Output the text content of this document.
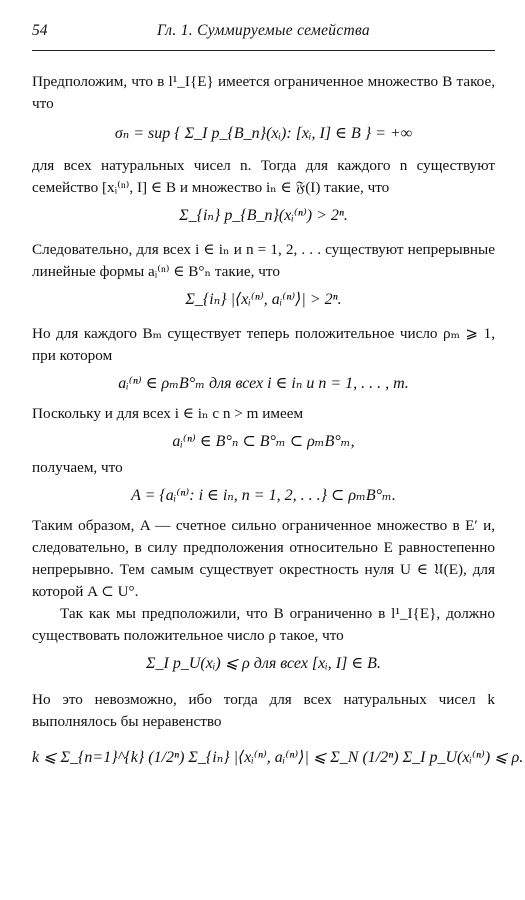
54	Гл. 1. Суммируемые семейства
Предположим, что в l¹_I{E} имеется ограниченное множество B такое, что
σₙ = sup { Σ_I p_{B_n}(xᵢ): [xᵢ, I] ∈ B } = +∞
для всех натуральных чисел n. Тогда для каждого n существуют семейство [xᵢ⁽ⁿ⁾, I] ∈ B и множество iₙ ∈ 𝔉(I) такие, что
Σ_{iₙ} p_{B_n}(xᵢ⁽ⁿ⁾) > 2ⁿ.
Следовательно, для всех i ∈ iₙ и n = 1, 2, . . . существуют непрерывные линейные формы aᵢ⁽ⁿ⁾ ∈ B°ₙ такие, что
Σ_{iₙ} |⟨xᵢ⁽ⁿ⁾, aᵢ⁽ⁿ⁾⟩| > 2ⁿ.
Но для каждого Bₘ существует теперь положительное число ρₘ ⩾ 1, при котором
aᵢ⁽ⁿ⁾ ∈ ρₘB°ₘ для всех i ∈ iₙ и n = 1, . . . , m.
Поскольку и для всех i ∈ iₙ с n > m имеем
aᵢ⁽ⁿ⁾ ∈ B°ₙ ⊂ B°ₘ ⊂ ρₘB°ₘ,
получаем, что
A = {aᵢ⁽ⁿ⁾: i ∈ iₙ, n = 1, 2, . . .} ⊂ ρₘB°ₘ.
Таким образом, A — счетное сильно ограниченное множество в E′ и, следовательно, в силу предположения относительно E равностепенно непрерывно. Тем самым существует окрестность нуля U ∈ 𝔘(E), для которой A ⊂ U°.
Так как мы предположили, что B ограниченно в l¹_I{E}, должно существовать положительное число ρ такое, что
Σ_I p_U(xᵢ) ⩽ ρ для всех [xᵢ, I] ∈ B.
Но это невозможно, ибо тогда для всех натуральных чисел k выполнялось бы неравенство
k ⩽ Σ_{n=1}^{k} (1/2ⁿ) Σ_{iₙ} |⟨xᵢ⁽ⁿ⁾, aᵢ⁽ⁿ⁾⟩| ⩽ Σ_N (1/2ⁿ) Σ_I p_U(xᵢ⁽ⁿ⁾) ⩽ ρ.
